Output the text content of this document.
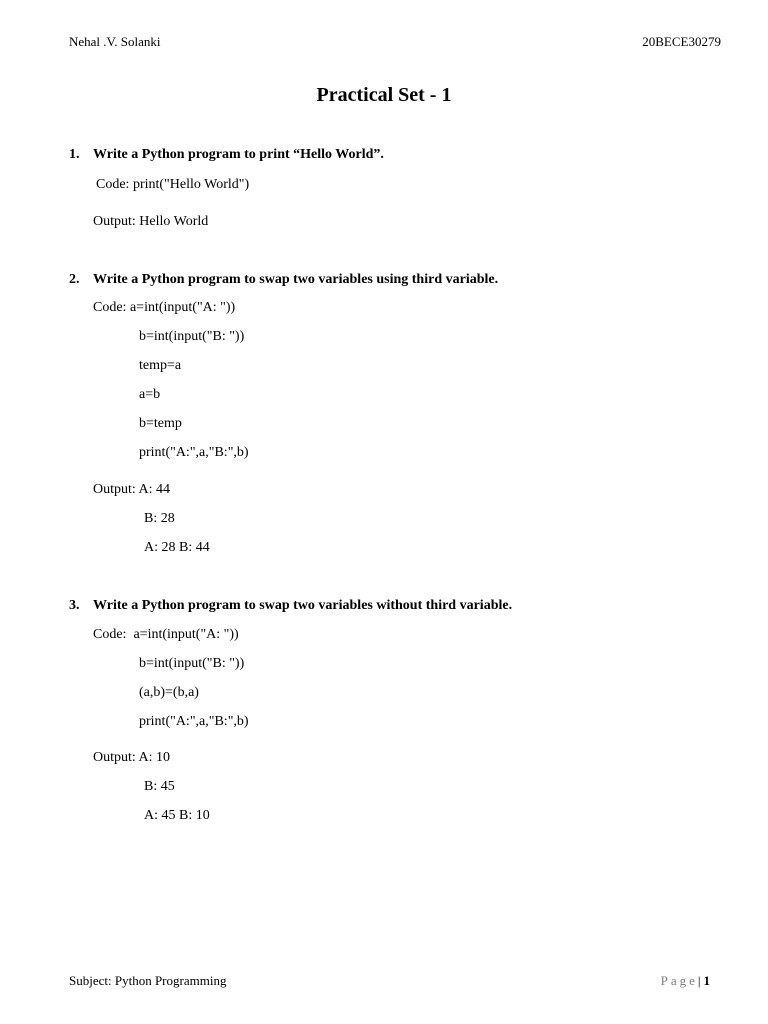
Nehal .V. Solanki	20BECE30279
Practical Set - 1
1. Write a Python program to print “Hello World”.
Code: print("Hello World")
Output: Hello World
2. Write a Python program to swap two variables using third variable.
Code: a=int(input("A: "))
b=int(input("B: "))
temp=a
a=b
b=temp
print("A:",a,"B:",b)
Output: A: 44
B: 28
A: 28 B: 44
3. Write a Python program to swap two variables without third variable.
Code: a=int(input("A: "))
b=int(input("B: "))
(a,b)=(b,a)
print("A:",a,"B:",b)
Output: A: 10
B: 45
A: 45 B: 10
Subject: Python Programming	Page| 1
